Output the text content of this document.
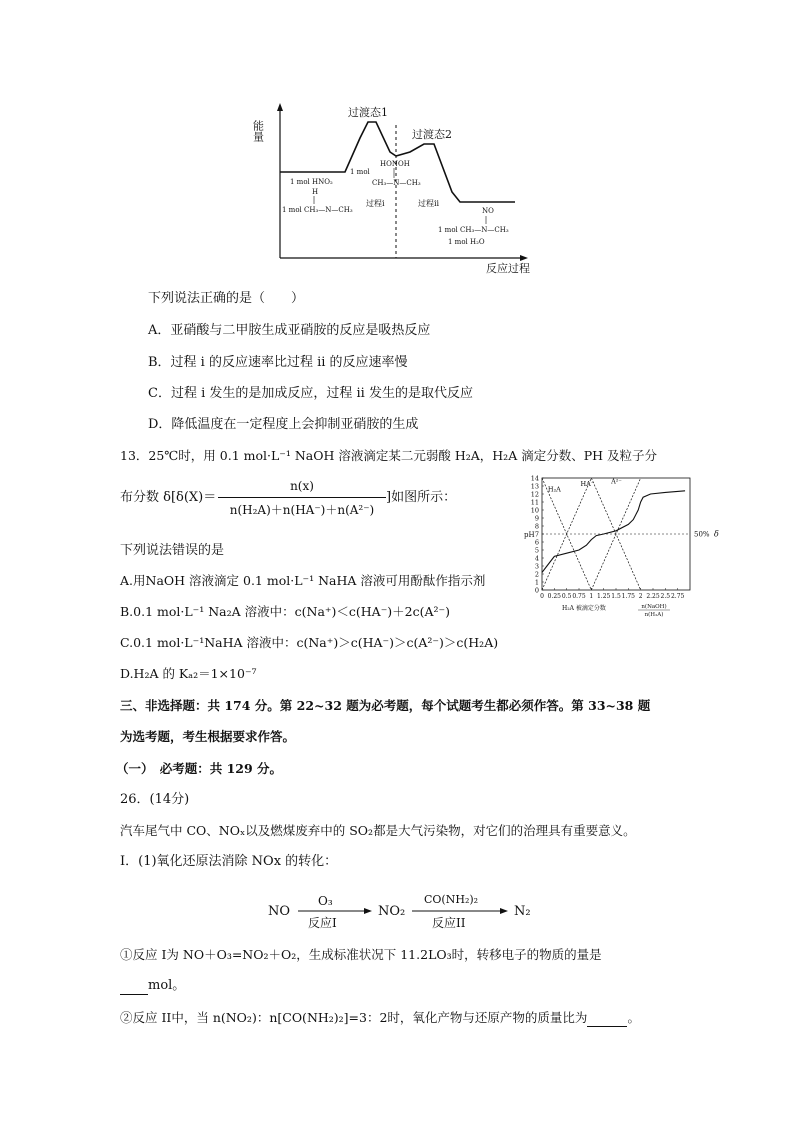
能量
反应过程
过渡态1
过渡态2
1 mol HNO₂
H
1 mol CH₃—N—CH₃
1 mol
HONOH
CH₃—N—CH₃
过程i	过程ii
NO
1 mol CH₃—N—CH₃
1 mol H₂O
下列说法正确的是（　　）
A．亚硝酸与二甲胺生成亚硝胺的反应是吸热反应
B．过程 i 的反应速率比过程 ii 的反应速率慢
C．过程 i 发生的是加成反应，过程 ii 发生的是取代反应
D．降低温度在一定程度上会抑制亚硝胺的生成
13．25℃时，用 0.1 mol·L⁻¹ NaOH 溶液滴定某二元弱酸 H₂A，H₂A 滴定分数、PH 及粒子分
布分数 δ[δ(X)＝
n(x)
n(H₂A)＋n(HA⁻)＋n(A²⁻)
]如图所示：
下列说法错误的是
A.用NaOH 溶液滴定 0.1 mol·L⁻¹ NaHA 溶液可用酚酞作指示剂
B.0.1 mol·L⁻¹ Na₂A 溶液中：c(Na⁺)＜c(HA⁻)＋2c(A²⁻)
C.0.1 mol·L⁻¹NaHA 溶液中：c(Na⁺)＞c(HA⁻)＞c(A²⁻)＞c(H₂A)
D.H₂A 的 Kₐ₂＝1×10⁻⁷
0
1
2
3
4
5
6
7
8
9
10
11
12
13
14
0 0.25 0.5 0.75 1 1.25 1.5 1.75 2 2.25 2.5 2.75
pH
H₂A 被滴定分数	n(NaOH)
n(H₂A)
50% δ
H₂A
HA⁻	A²⁻
三、非选择题：共 174 分。第 22~32 题为必考题，每个试题考生都必须作答。第 33~38 题
为选考题，考生根据要求作答。
（一）　必考题：共 129 分。
26．(14分)
汽车尾气中 CO、NOₓ以及燃煤废弃中的 SO₂都是大气污染物，对它们的治理具有重要意义。
I．(1)氧化还原法消除 NOx 的转化：
NO
O₃
反应I
NO₂
CO(NH₂)₂
反应II
N₂
①反应 I为 NO＋O₃=NO₂＋O₂，生成标准状况下 11.2LO₃时，转移电子的物质的量是
mol。
②反应 II中，当 n(NO₂)：n[CO(NH₂)₂]=3：2时，氧化产物与还原产物的质量比为	。
